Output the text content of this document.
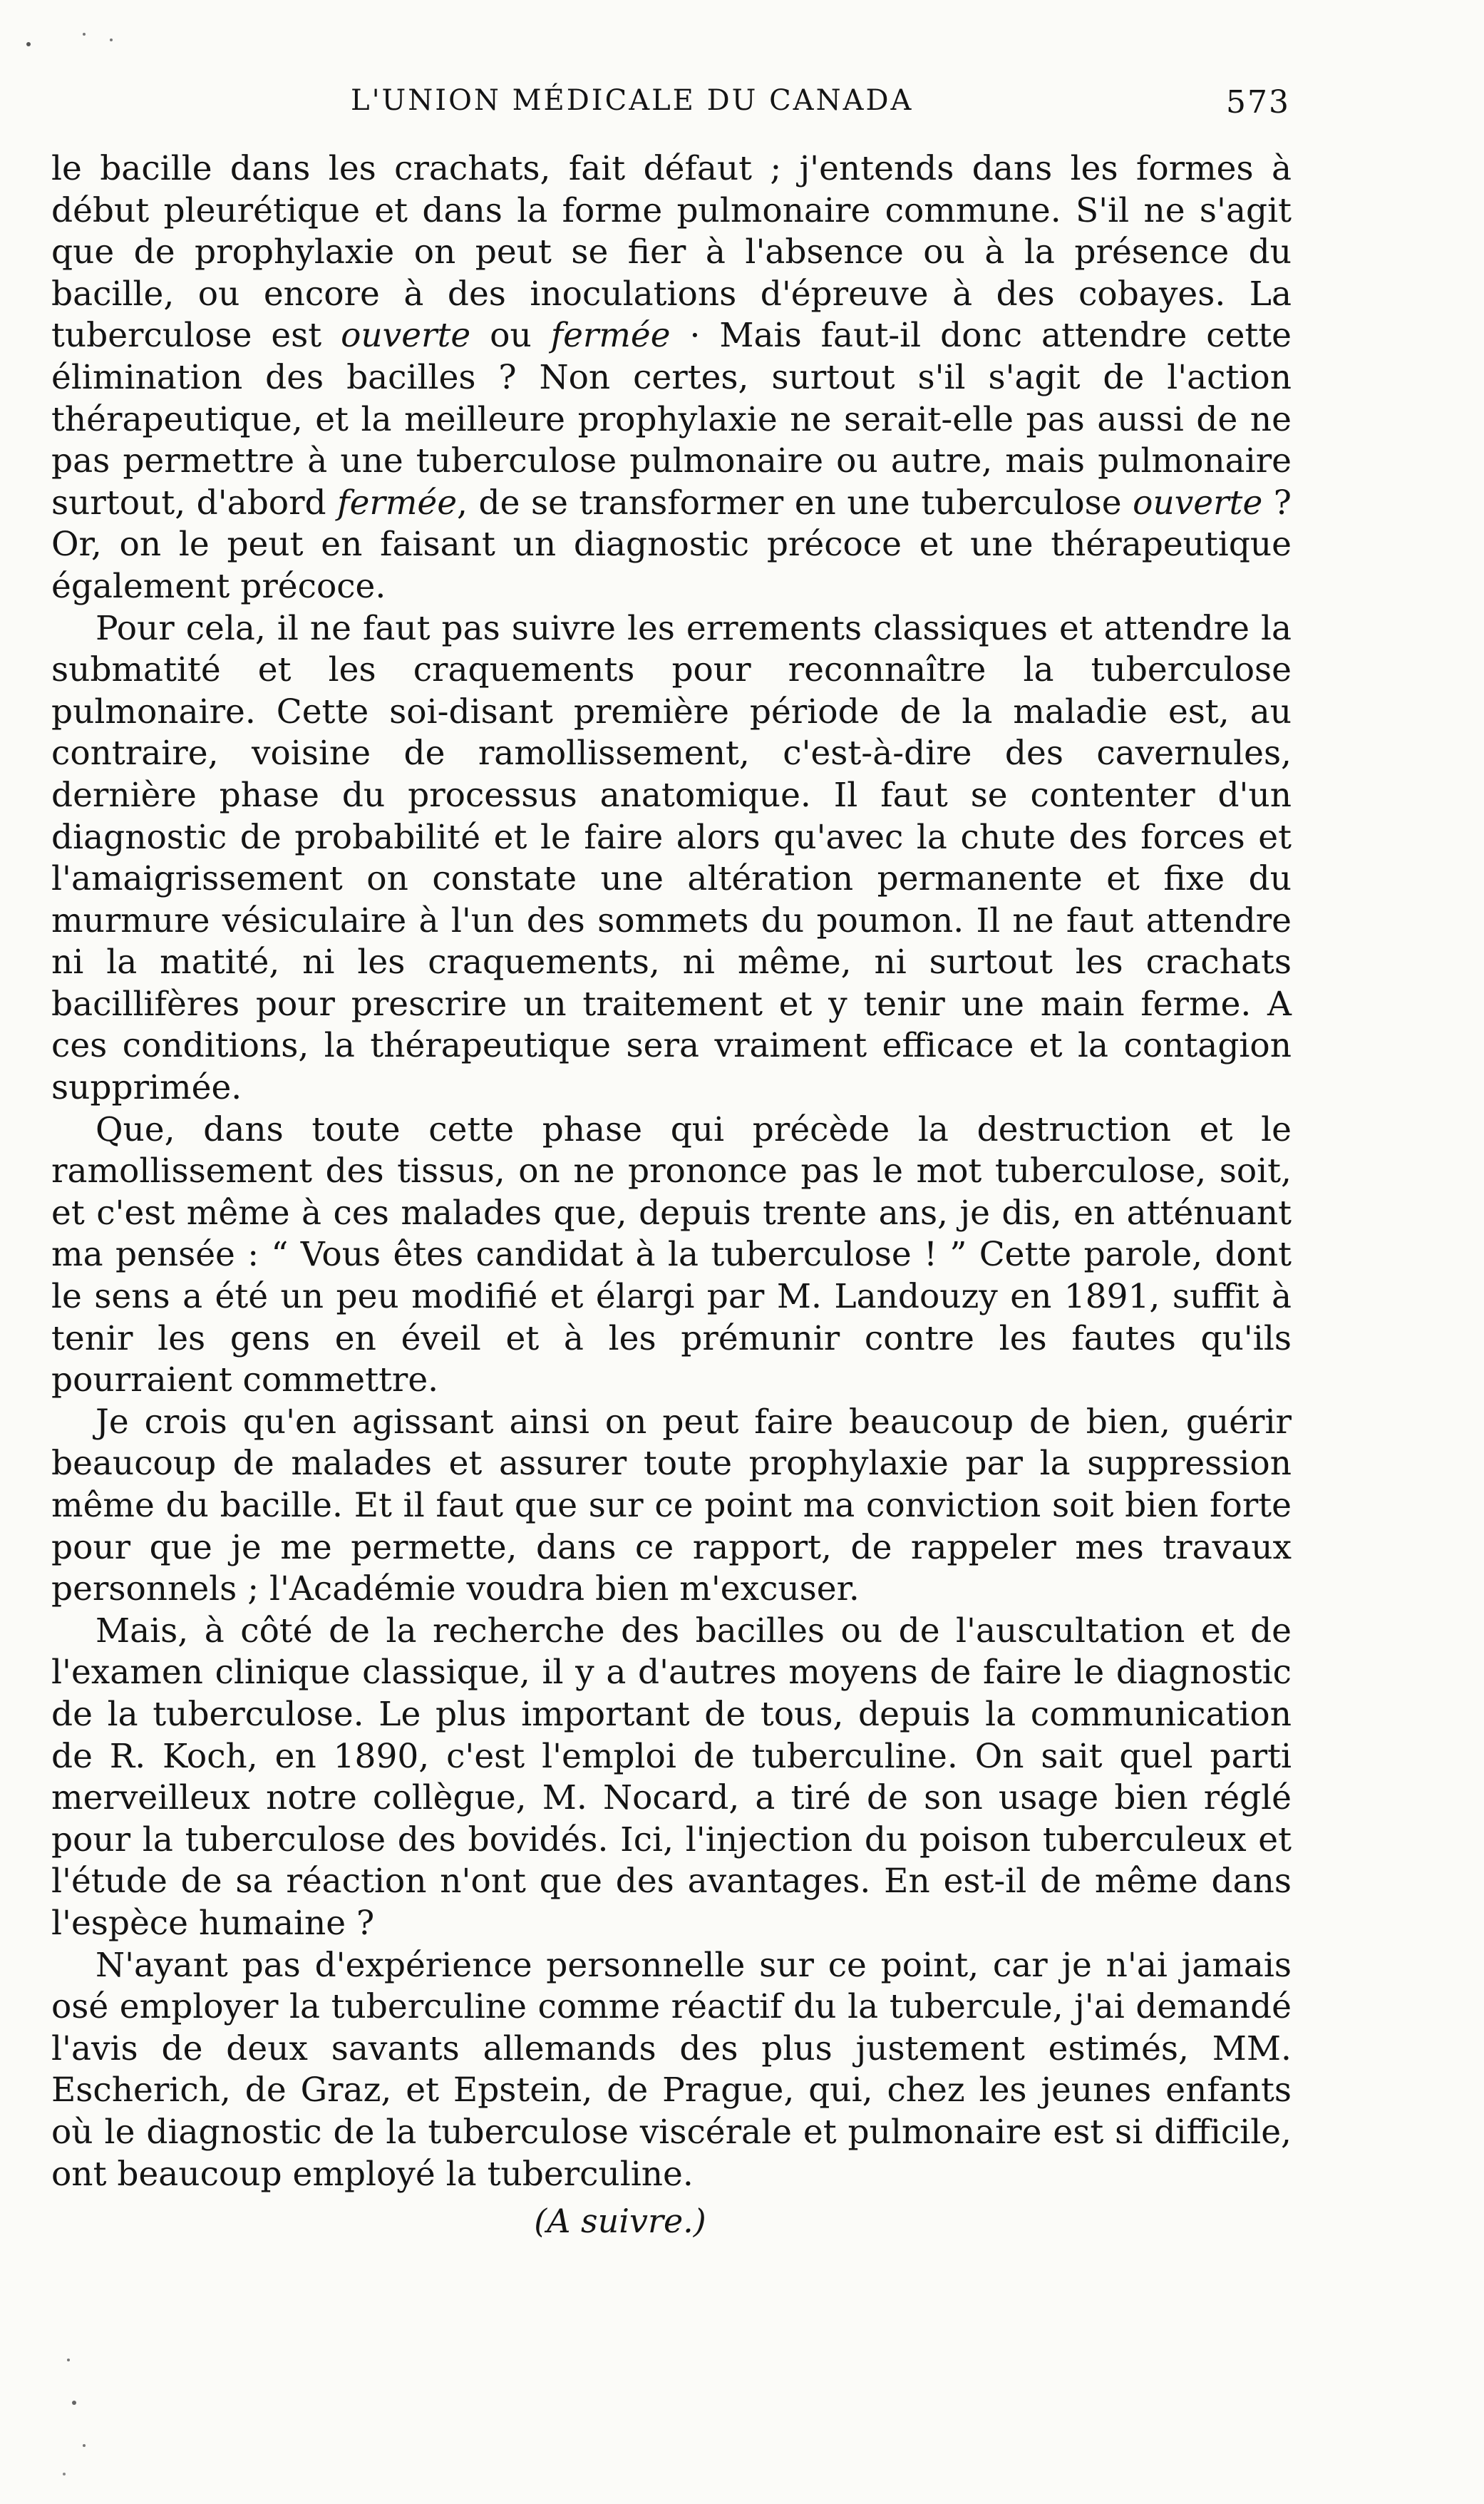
L'UNION MÉDICALE DU CANADA	573

le bacille dans les crachats, fait défaut ; j'entends dans les formes à début pleurétique et dans la forme pulmonaire commune. S'il ne s'agit que de prophylaxie on peut se fier à l'absence ou à la présence du bacille, ou encore à des inoculations d'épreuve à des cobayes. La tuberculose est ouverte ou fermée · Mais faut-il donc attendre cette élimination des bacilles ? Non certes, surtout s'il s'agit de l'action thérapeutique, et la meilleure prophylaxie ne serait-elle pas aussi de ne pas permettre à une tuberculose pulmonaire ou autre, mais pulmonaire surtout, d'abord fermée, de se transformer en une tuberculose ouverte ? Or, on le peut en faisant un diagnostic précoce et une thérapeutique également précoce.

Pour cela, il ne faut pas suivre les errements classiques et attendre la submatité et les craquements pour reconnaître la tuberculose pulmonaire. Cette soi-disant première période de la maladie est, au contraire, voisine de ramollissement, c'est-à-dire des cavernules, dernière phase du processus anatomique. Il faut se contenter d'un diagnostic de probabilité et le faire alors qu'avec la chute des forces et l'amaigrissement on constate une altération permanente et fixe du murmure vésiculaire à l'un des sommets du poumon. Il ne faut attendre ni la matité, ni les craquements, ni même, ni surtout les crachats bacillifères pour prescrire un traitement et y tenir une main ferme. A ces conditions, la thérapeutique sera vraiment efficace et la contagion supprimée.

Que, dans toute cette phase qui précède la destruction et le ramollissement des tissus, on ne prononce pas le mot tuberculose, soit, et c'est même à ces malades que, depuis trente ans, je dis, en atténuant ma pensée : “ Vous êtes candidat à la tuberculose ! ” Cette parole, dont le sens a été un peu modifié et élargi par M. Landouzy en 1891, suffit à tenir les gens en éveil et à les prémunir contre les fautes qu'ils pourraient commettre.

Je crois qu'en agissant ainsi on peut faire beaucoup de bien, guérir beaucoup de malades et assurer toute prophylaxie par la suppression même du bacille. Et il faut que sur ce point ma conviction soit bien forte pour que je me permette, dans ce rapport, de rappeler mes travaux personnels ; l'Académie voudra bien m'excuser.

Mais, à côté de la recherche des bacilles ou de l'auscultation et de l'examen clinique classique, il y a d'autres moyens de faire le diagnostic de la tuberculose. Le plus important de tous, depuis la communication de R. Koch, en 1890, c'est l'emploi de tuberculine. On sait quel parti merveilleux notre collègue, M. Nocard, a tiré de son usage bien réglé pour la tuberculose des bovidés. Ici, l'injection du poison tuberculeux et l'étude de sa réaction n'ont que des avantages. En est-il de même dans l'espèce humaine ?

N'ayant pas d'expérience personnelle sur ce point, car je n'ai jamais osé employer la tuberculine comme réactif du la tubercule, j'ai demandé l'avis de deux savants allemands des plus justement estimés, MM. Escherich, de Graz, et Epstein, de Prague, qui, chez les jeunes enfants où le diagnostic de la tuberculose viscérale et pulmonaire est si difficile, ont beaucoup employé la tuberculine.

(A suivre.)
